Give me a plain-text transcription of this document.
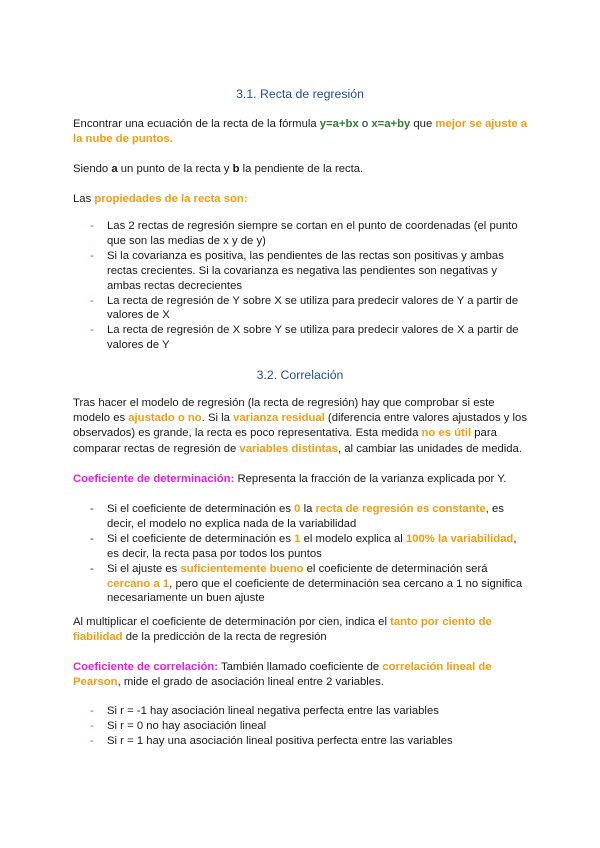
3.1. Recta de regresión

Encontrar una ecuación de la recta de la fórmula y=a+bx o x=a+by que mejor se ajuste a la nube de puntos.

Siendo a un punto de la recta y b la pendiente de la recta.

Las propiedades de la recta son:

- Las 2 rectas de regresión siempre se cortan en el punto de coordenadas (el punto que son las medias de x y de y)
- Si la covarianza es positiva, las pendientes de las rectas son positivas y ambas rectas crecientes. Si la covarianza es negativa las pendientes son negativas y ambas rectas decrecientes
- La recta de regresión de Y sobre X se utiliza para predecir valores de Y a partir de valores de X
- La recta de regresión de X sobre Y se utiliza para predecir valores de X a partir de valores de Y
3.2. Correlación

Tras hacer el modelo de regresión (la recta de regresión) hay que comprobar si este modelo es ajustado o no. Si la varianza residual (diferencia entre valores ajustados y los observados) es grande, la recta es poco representativa. Esta medida no es útil para comparar rectas de regresión de variables distintas, al cambiar las unidades de medida.

Coeficiente de determinación: Representa la fracción de la varianza explicada por Y.

- Si el coeficiente de determinación es 0 la recta de regresión es constante, es decir, el modelo no explica nada de la variabilidad
- Si el coeficiente de determinación es 1 el modelo explica al 100% la variabilidad, es decir, la recta pasa por todos los puntos
- Si el ajuste es suficientemente bueno el coeficiente de determinación será cercano a 1, pero que el coeficiente de determinación sea cercano a 1 no significa necesariamente un buen ajuste

Al multiplicar el coeficiente de determinación por cien, indica el tanto por ciento de fiabilidad de la predicción de la recta de regresión

Coeficiente de correlación: También llamado coeficiente de correlación lineal de Pearson, mide el grado de asociación lineal entre 2 variables.

- Si r = -1 hay asociación lineal negativa perfecta entre las variables
- Si r = 0 no hay asociación lineal
- Si r = 1 hay una asociación lineal positiva perfecta entre las variables
